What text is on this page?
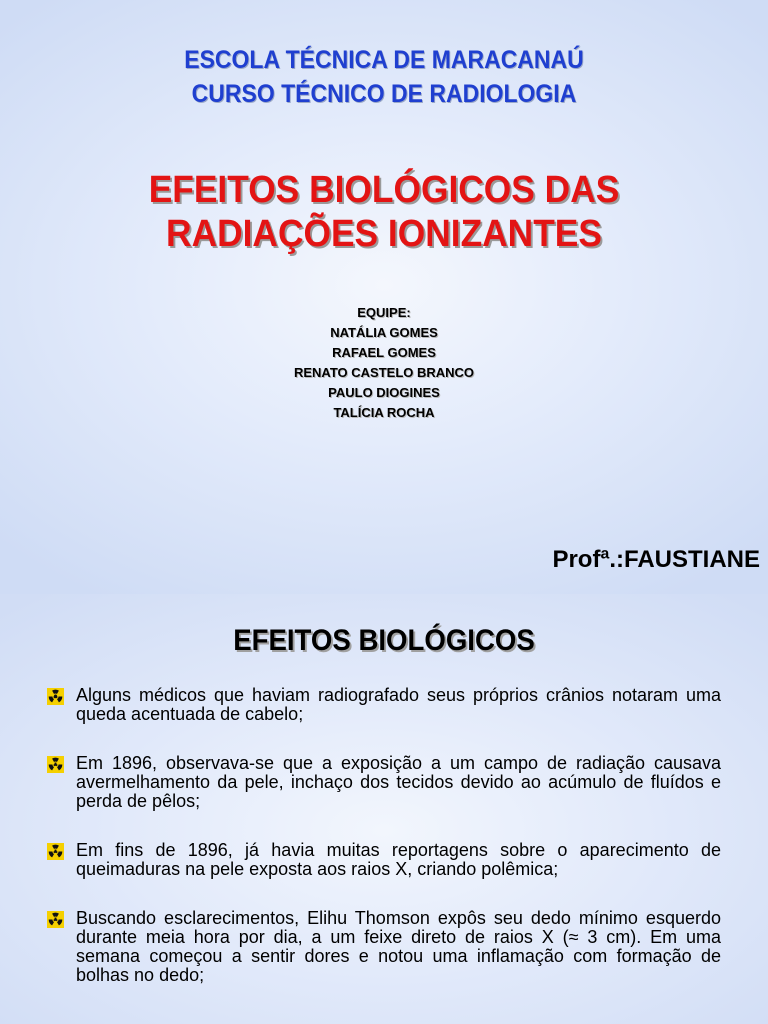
ESCOLA TÉCNICA DE MARACANAÚ
CURSO TÉCNICO DE RADIOLOGIA
EFEITOS BIOLÓGICOS DAS
RADIAÇÕES IONIZANTES
EQUIPE:
NATÁLIA GOMES
RAFAEL GOMES
RENATO CASTELO BRANCO
PAULO DIOGINES
TALÍCIA ROCHA
Profª.:FAUSTIANE
EFEITOS BIOLÓGICOS
Alguns médicos que haviam radiografado seus próprios crânios notaram uma queda acentuada de cabelo;
Em 1896, observava-se que a exposição a um campo de radiação causava avermelhamento da pele, inchaço dos tecidos devido ao acúmulo de fluídos e perda de pêlos;
Em fins de 1896, já havia muitas reportagens sobre o aparecimento de queimaduras na pele exposta aos raios X, criando polêmica;
Buscando esclarecimentos, Elihu Thomson expôs seu dedo mínimo esquerdo durante meia hora por dia, a um feixe direto de raios X (≈ 3 cm). Em uma semana começou a sentir dores e notou uma inflamação com formação de bolhas no dedo;
